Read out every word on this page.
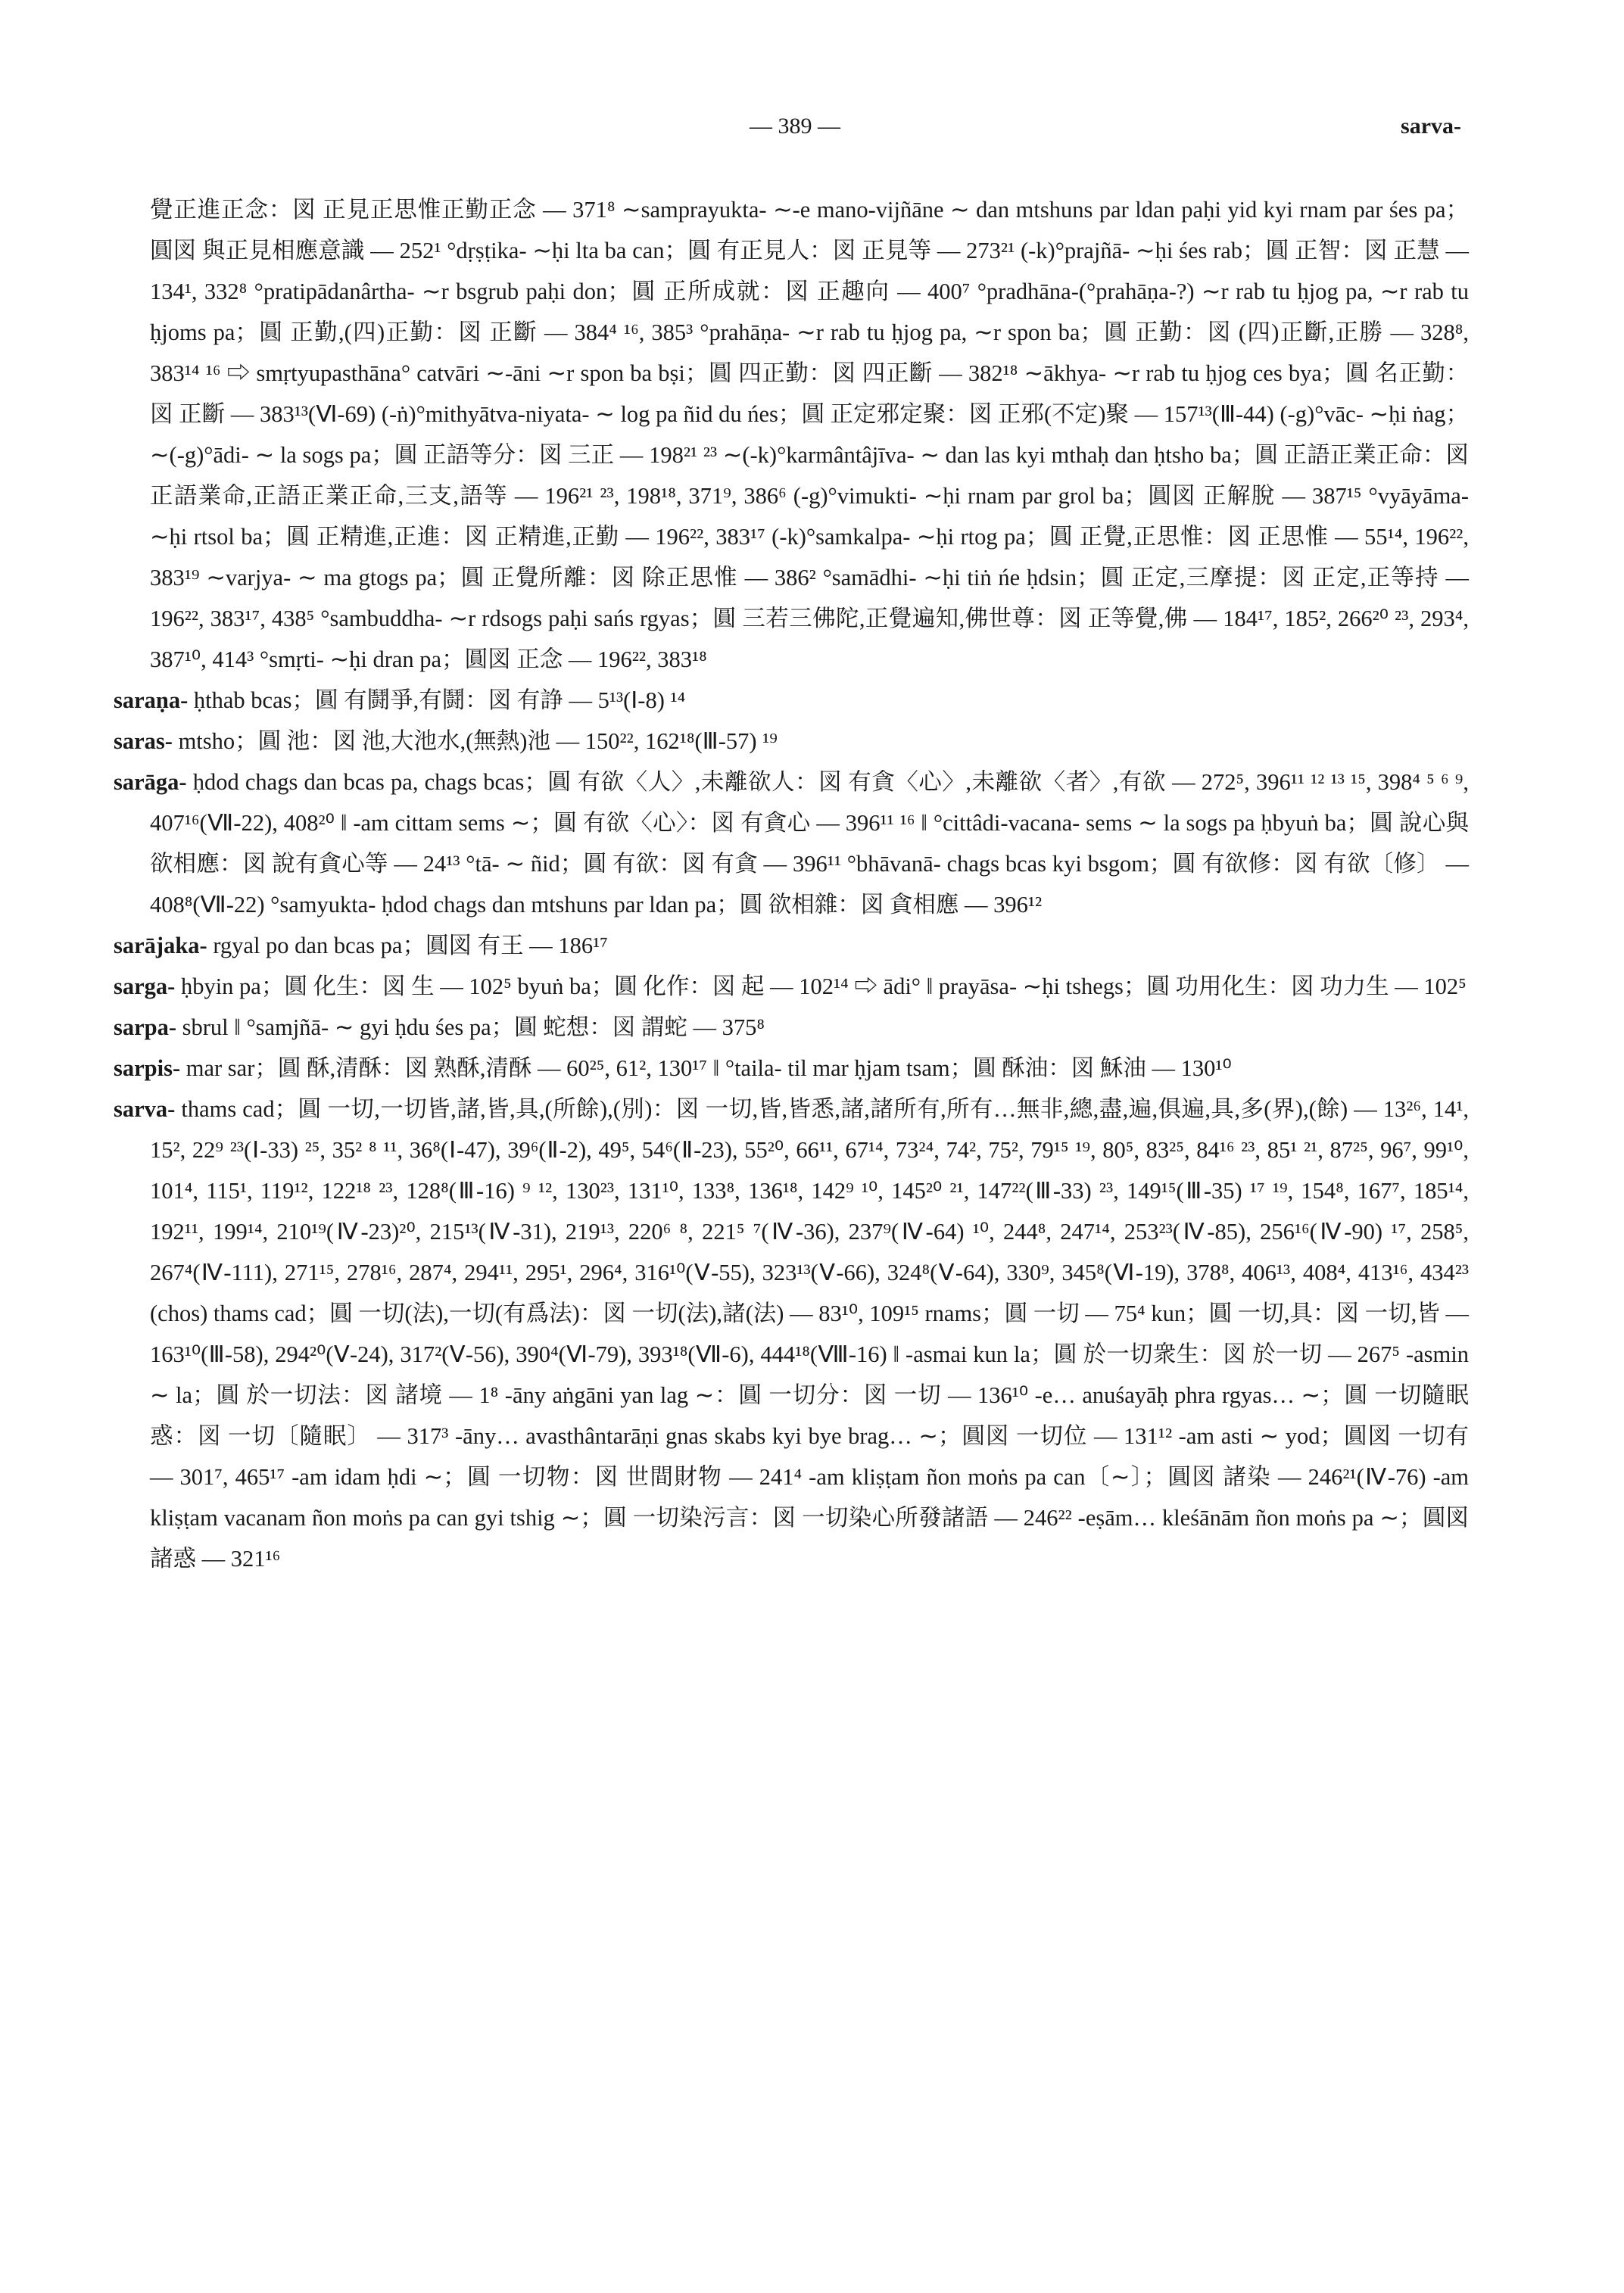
— 389 —	sarva-

覺正進正念：図 正見正思惟正勤正念 — 371⁸ ∼samprayukta- ∼-e mano-vijñāne ∼ dan mtshuns par ldan paḥi yid kyi rnam par śes pa；圓図 與正見相應意識 — 252¹ °dṛṣṭika- ∼ḥi lta ba can；圓 有正見人：図 正見等 — 273²¹ (-k)°prajñā- ∼ḥi śes rab；圓 正智：図 正慧 — 134¹, 332⁸ °pratipādanârtha- ∼r bsgrub paḥi don；圓 正所成就：図 正趣向 — 400⁷ °pradhāna-(°prahāṇa-?) ∼r rab tu ḥjog pa, ∼r rab tu ḥjoms pa；圓 正勤,(四)正勤：図 正斷 — 384⁴ ¹⁶, 385³ °prahāṇa- ∼r rab tu ḥjog pa, ∼r spon ba；圓 正勤：図 (四)正斷,正勝 — 328⁸, 383¹⁴ ¹⁶ ⇨ smṛtyupasthāna° catvāri ∼-āni ∼r spon ba bṣi；圓 四正勤：図 四正斷 — 382¹⁸ ∼ākhya- ∼r rab tu ḥjog ces bya；圓 名正勤：図 正斷 — 383¹³(Ⅵ-69) (-ṅ)°mithyātva-niyata- ∼ log pa ñid du ńes；圓 正定邪定聚：図 正邪(不定)聚 — 157¹³(Ⅲ-44) (-g)°vāc- ∼ḥi ṅag；∼(-g)°ādi- ∼ la sogs pa；圓 正語等分：図 三正 — 198²¹ ²³ ∼(-k)°karmântâjīva- ∼ dan las kyi mthaḥ dan ḥtsho ba；圓 正語正業正命：図 正語業命,正語正業正命,三支,語等 — 196²¹ ²³, 198¹⁸, 371⁹, 386⁶ (-g)°vimukti- ∼ḥi rnam par grol ba；圓図 正解脫 — 387¹⁵ °vyāyāma- ∼ḥi rtsol ba；圓 正精進,正進：図 正精進,正勤 — 196²², 383¹⁷ (-k)°samkalpa- ∼ḥi rtog pa；圓 正覺,正思惟：図 正思惟 — 55¹⁴, 196²², 383¹⁹ ∼varjya- ∼ ma gtogs pa；圓 正覺所離：図 除正思惟 — 386² °samādhi- ∼ḥi tiṅ ńe ḥdsin；圓 正定,三摩提：図 正定,正等持 — 196²², 383¹⁷, 438⁵ °sambuddha- ∼r rdsogs paḥi sańs rgyas；圓 三若三佛陀,正覺遍知,佛世尊：図 正等覺,佛 — 184¹⁷, 185², 266²⁰ ²³, 293⁴, 387¹⁰, 414³ °smṛti- ∼ḥi dran pa；圓図 正念 — 196²², 383¹⁸

saraṇa- ḥthab bcas；圓 有鬪爭,有鬪：図 有諍 — 5¹³(Ⅰ-8) ¹⁴

saras- mtsho；圓 池：図 池,大池水,(無熱)池 — 150²², 162¹⁸(Ⅲ-57) ¹⁹

sarāga- ḥdod chags dan bcas pa, chags bcas；圓 有欲〈人〉,未離欲人：図 有貪〈心〉,未離欲〈者〉,有欲 — 272⁵, 396¹¹ ¹² ¹³ ¹⁵, 398⁴ ⁵ ⁶ ⁹, 407¹⁶(Ⅶ-22), 408²⁰ ‖ -am cittam sems ∼；圓 有欲〈心〉：図 有貪心 — 396¹¹ ¹⁶ ‖ °cittâdi-vacana- sems ∼ la sogs pa ḥbyuṅ ba；圓 說心與欲相應：図 說有貪心等 — 24¹³ °tā- ∼ ñid；圓 有欲：図 有貪 — 396¹¹ °bhāvanā- chags bcas kyi bsgom；圓 有欲修：図 有欲〔修〕 — 408⁸(Ⅶ-22) °samyukta- ḥdod chags dan mtshuns par ldan pa；圓 欲相雜：図 貪相應 — 396¹²

sarājaka- rgyal po dan bcas pa；圓図 有王 — 186¹⁷

sarga- ḥbyin pa；圓 化生：図 生 — 102⁵ byuṅ ba；圓 化作：図 起 — 102¹⁴ ⇨ ādi° ‖ prayāsa- ∼ḥi tshegs；圓 功用化生：図 功力生 — 102⁵

sarpa- sbrul ‖ °samjñā- ∼ gyi ḥdu śes pa；圓 蛇想：図 謂蛇 — 375⁸

sarpis- mar sar；圓 酥,清酥：図 熟酥,清酥 — 60²⁵, 61², 130¹⁷ ‖ °taila- til mar ḥjam tsam；圓 酥油：図 穌油 — 130¹⁰

sarva- thams cad；圓 一切,一切皆,諸,皆,具,(所餘),(別)：図 一切,皆,皆悉,諸,諸所有,所有…無非,總,盡,遍,俱遍,具,多(界),(餘) — 13²⁶, 14¹, 15², 22⁹ ²³(Ⅰ-33) ²⁵, 35² ⁸ ¹¹, 36⁸(Ⅰ-47), 39⁶(Ⅱ-2), 49⁵, 54⁶(Ⅱ-23), 55²⁰, 66¹¹, 67¹⁴, 73²⁴, 74², 75², 79¹⁵ ¹⁹, 80⁵, 83²⁵, 84¹⁶ ²³, 85¹ ²¹, 87²⁵, 96⁷, 99¹⁰, 101⁴, 115¹, 119¹², 122¹⁸ ²³, 128⁸(Ⅲ-16) ⁹ ¹², 130²³, 131¹⁰, 133⁸, 136¹⁸, 142⁹ ¹⁰, 145²⁰ ²¹, 147²²(Ⅲ-33) ²³, 149¹⁵(Ⅲ-35) ¹⁷ ¹⁹, 154⁸, 167⁷, 185¹⁴, 192¹¹, 199¹⁴, 210¹⁹(Ⅳ-23)²⁰, 215¹³(Ⅳ-31), 219¹³, 220⁶ ⁸, 221⁵ ⁷(Ⅳ-36), 237⁹(Ⅳ-64) ¹⁰, 244⁸, 247¹⁴, 253²³(Ⅳ-85), 256¹⁶(Ⅳ-90) ¹⁷, 258⁵, 267⁴(Ⅳ-111), 271¹⁵, 278¹⁶, 287⁴, 294¹¹, 295¹, 296⁴, 316¹⁰(Ⅴ-55), 323¹³(Ⅴ-66), 324⁸(Ⅴ-64), 330⁹, 345⁸(Ⅵ-19), 378⁸, 406¹³, 408⁴, 413¹⁶, 434²³ (chos) thams cad；圓 一切(法),一切(有爲法)：図 一切(法),諸(法) — 83¹⁰, 109¹⁵ rnams；圓 一切 — 75⁴ kun；圓 一切,具：図 一切,皆 — 163¹⁰(Ⅲ-58), 294²⁰(Ⅴ-24), 317²(Ⅴ-56), 390⁴(Ⅵ-79), 393¹⁸(Ⅶ-6), 444¹⁸(Ⅷ-16) ‖ -asmai kun la；圓 於一切衆生：図 於一切 — 267⁵ -asmin ∼ la；圓 於一切法：図 諸境 — 1⁸ -āny aṅgāni yan lag ∼：圓 一切分：図 一切 — 136¹⁰ -e… anuśayāḥ phra rgyas… ∼；圓 一切隨眠惑：図 一切〔隨眠〕 — 317³ -āny… avasthântarāṇi gnas skabs kyi bye brag… ∼；圓図 一切位 — 131¹² -am asti ∼ yod；圓図 一切有 — 301⁷, 465¹⁷ -am idam ḥdi ∼；圓 一切物：図 世間財物 — 241⁴ -am kliṣṭam ñon moṅs pa can〔∼〕；圓図 諸染 — 246²¹(Ⅳ-76) -am kliṣṭam vacanam ñon moṅs pa can gyi tshig ∼；圓 一切染污言：図 一切染心所發諸語 — 246²² -eṣām… kleśānām ñon moṅs pa ∼；圓図 諸惑 — 321¹⁶
